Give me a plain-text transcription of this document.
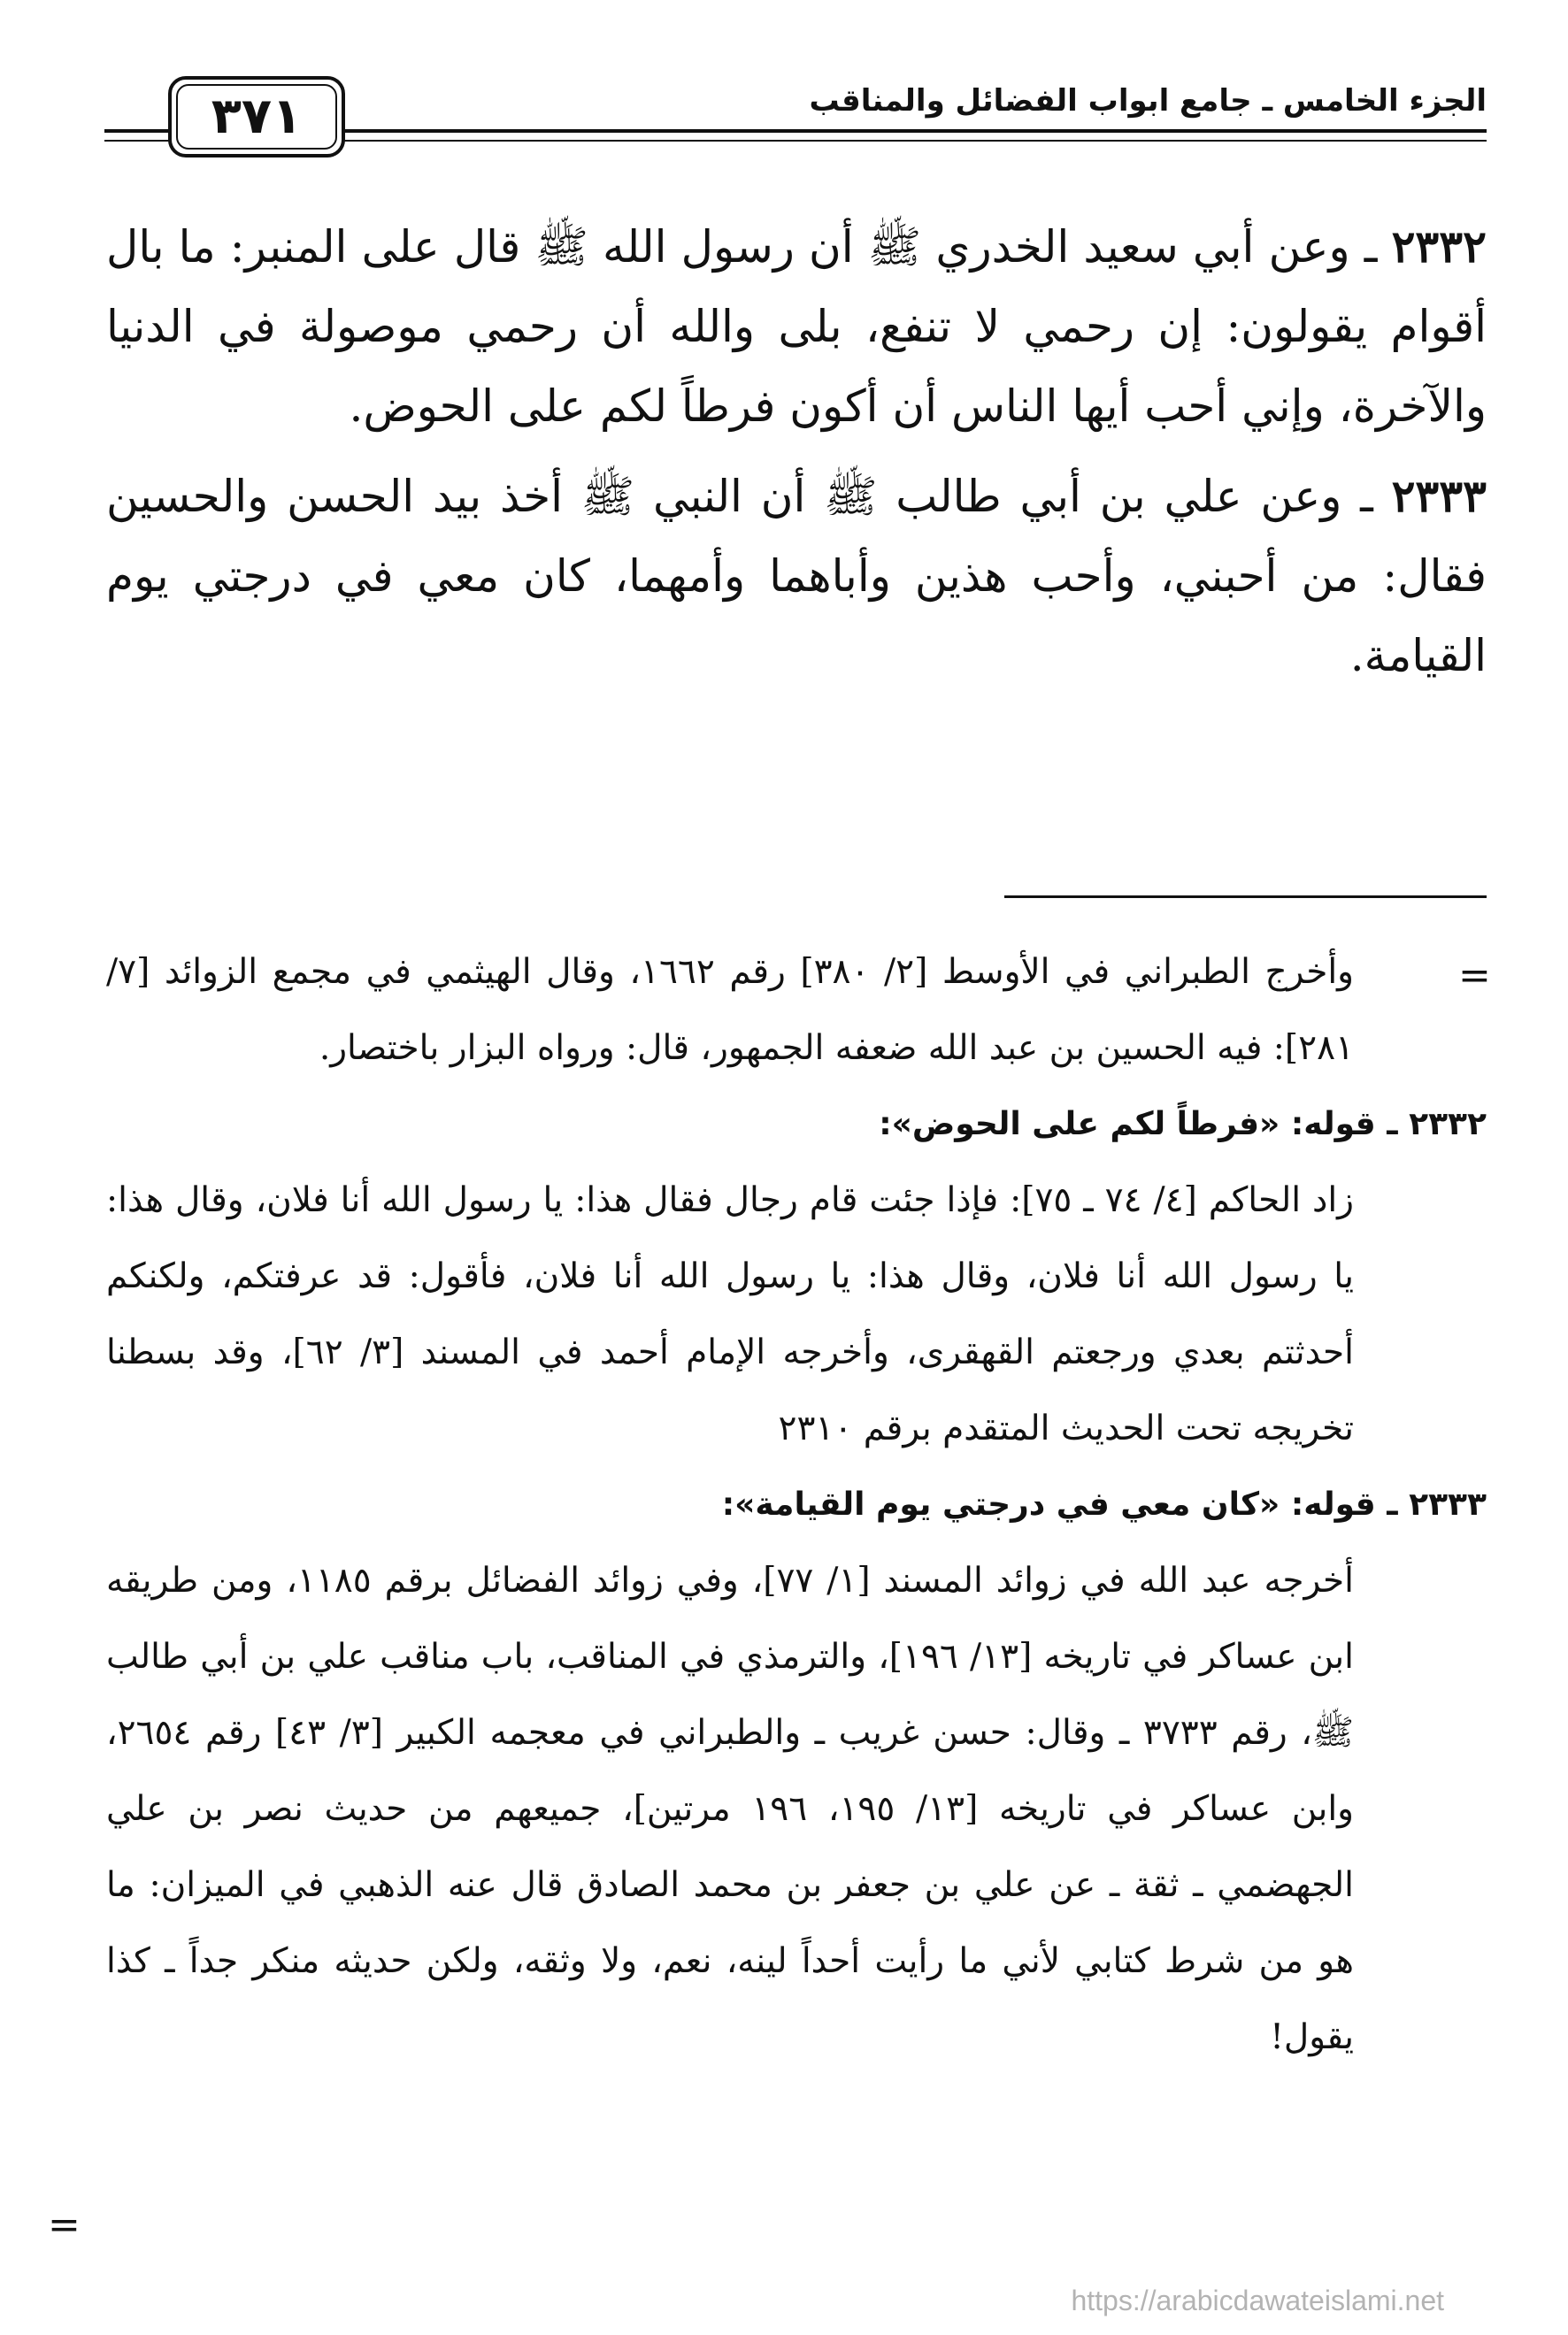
الجزء الخامس ـ جامع ابواب الفضائل والمناقب
٣٧١

٢٣٣٢ ـ وعن أبي سعيد الخدري ﷺ أن رسول الله ﷺ قال على المنبر: ما بال أقوام يقولون: إن رحمي لا تنفع، بلى والله أن رحمي موصولة في الدنيا والآخرة، وإني أحب أيها الناس أن أكون فرطاً لكم على الحوض.

٢٣٣٣ ـ وعن علي بن أبي طالب ﷺ أن النبي ﷺ أخذ بيد الحسن والحسين فقال: من أحبني، وأحب هذين وأباهما وأمهما، كان معي في درجتي يوم القيامة.

=

وأخرج الطبراني في الأوسط [٢/ ٣٨٠] رقم ١٦٦٢، وقال الهيثمي في مجمع الزوائد [٧/ ٢٨١]: فيه الحسين بن عبد الله ضعفه الجمهور، قال: ورواه البزار باختصار.

٢٣٣٢ ـ قوله: «فرطاً لكم على الحوض»:

زاد الحاكم [٤/ ٧٤ ـ ٧٥]: فإذا جئت قام رجال فقال هذا: يا رسول الله أنا فلان، وقال هذا: يا رسول الله أنا فلان، وقال هذا: يا رسول الله أنا فلان، فأقول: قد عرفتكم، ولكنكم أحدثتم بعدي ورجعتم القهقرى، وأخرجه الإمام أحمد في المسند [٣/ ٦٢]، وقد بسطنا تخريجه تحت الحديث المتقدم برقم ٢٣١٠

٢٣٣٣ ـ قوله: «كان معي في درجتي يوم القيامة»:

أخرجه عبد الله في زوائد المسند [١/ ٧٧]، وفي زوائد الفضائل برقم ١١٨٥، ومن طريقه ابن عساكر في تاريخه [١٣/ ١٩٦]، والترمذي في المناقب، باب مناقب علي بن أبي طالب ﷺ، رقم ٣٧٣٣ ـ وقال: حسن غريب ـ والطبراني في معجمه الكبير [٣/ ٤٣] رقم ٢٦٥٤، وابن عساكر في تاريخه [١٣/ ١٩٥، ١٩٦ مرتين]، جميعهم من حديث نصر بن علي الجهضمي ـ ثقة ـ عن علي بن جعفر بن محمد الصادق قال عنه الذهبي في الميزان: ما هو من شرط كتابي لأني ما رأيت أحداً لينه، نعم، ولا وثقه، ولكن حديثه منكر جداً ـ كذا يقول!

=
https://arabicdawateislami.net
